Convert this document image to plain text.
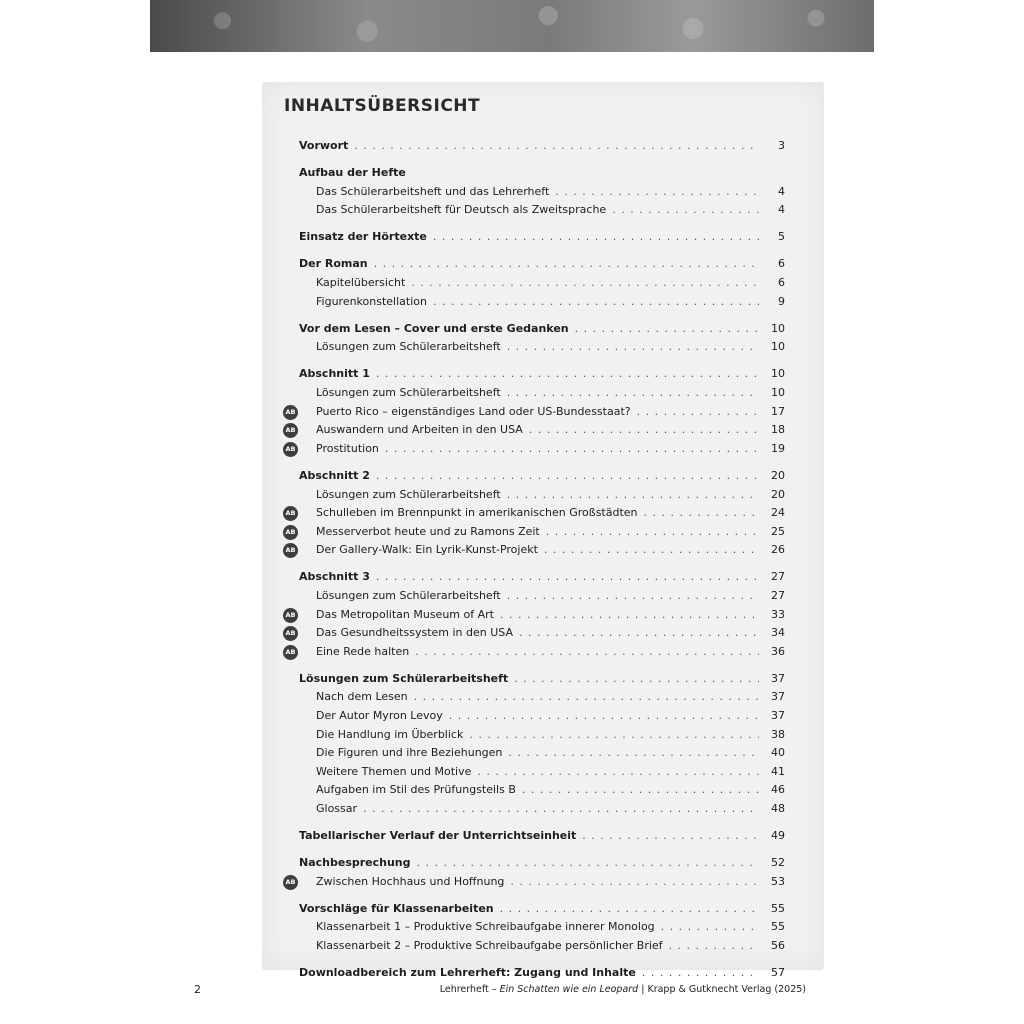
INHALTSÜBERSICHT
Vorwort . . .	3
Aufbau der Hefte
Das Schülerarbeitsheft und das Lehrerheft . . .	4
Das Schülerarbeitsheft für Deutsch als Zweitsprache . . .	4
Einsatz der Hörtexte . . .	5
Der Roman . . .	6
Kapitelübersicht . . .	6
Figurenkonstellation . . .	9
Vor dem Lesen – Cover und erste Gedanken . . .	10
Lösungen zum Schülerarbeitsheft . . .	10
Abschnitt 1 . . .	10
Lösungen zum Schülerarbeitsheft . . .	10
AB	Puerto Rico – eigenständiges Land oder US-Bundesstaat? . . .	17
AB	Auswandern und Arbeiten in den USA . . .	18
AB	Prostitution . . .	19
Abschnitt 2 . . .	20
Lösungen zum Schülerarbeitsheft . . .	20
AB	Schulleben im Brennpunkt in amerikanischen Großstädten . . .	24
AB	Messerverbot heute und zu Ramons Zeit . . .	25
AB	Der Gallery-Walk: Ein Lyrik-Kunst-Projekt . . .	26
Abschnitt 3 . . .	27
Lösungen zum Schülerarbeitsheft . . .	27
AB	Das Metropolitan Museum of Art . . .	33
AB	Das Gesundheitssystem in den USA . . .	34
AB	Eine Rede halten . . .	36
Lösungen zum Schülerarbeitsheft . . .	37
Nach dem Lesen . . .	37
Der Autor Myron Levoy . . .	37
Die Handlung im Überblick . . .	38
Die Figuren und ihre Beziehungen . . .	40
Weitere Themen und Motive . . .	41
Aufgaben im Stil des Prüfungsteils B . . .	46
Glossar . . .	48
Tabellarischer Verlauf der Unterrichtseinheit . . .	49
Nachbesprechung . . .	52
AB	Zwischen Hochhaus und Hoffnung . . .	53
Vorschläge für Klassenarbeiten . . .	55
Klassenarbeit 1 – Produktive Schreibaufgabe innerer Monolog . . .	55
Klassenarbeit 2 – Produktive Schreibaufgabe persönlicher Brief . . .	56
Downloadbereich zum Lehrerheft: Zugang und Inhalte . . .	57
2	Lehrerheft – Ein Schatten wie ein Leopard | Krapp & Gutknecht Verlag (2025)
